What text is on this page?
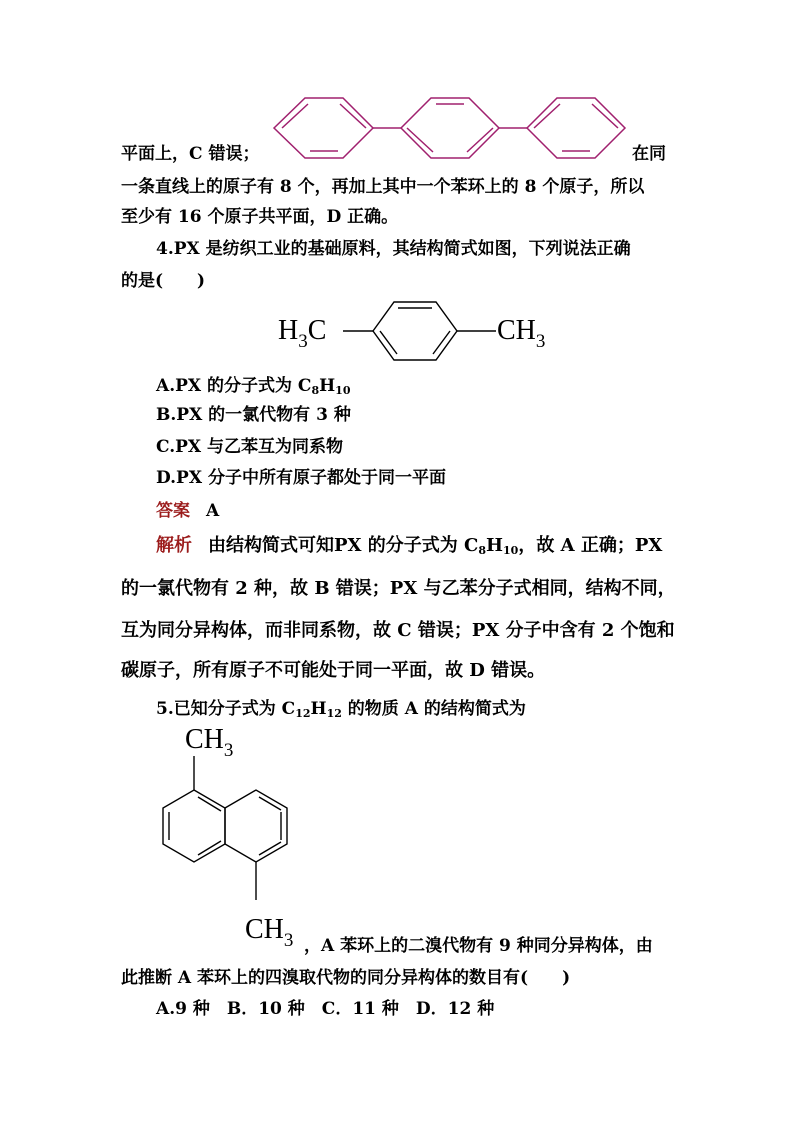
平面上，C 错误；	在同
一条直线上的原子有 8 个，再加上其中一个苯环上的 8 个原子，所以
至少有 16 个原子共平面，D 正确。
4.PX 是纺织工业的基础原料，其结构简式如图，下列说法正确
的是(　　)
$H_3C$	$CH_3$
A.PX 的分子式为 $C_8H_{10}$
B.PX 的一氯代物有 3 种
C.PX 与乙苯互为同系物
D.PX 分子中所有原子都处于同一平面
答案 A
解析 由结构简式可知PX 的分子式为 $C_8H_{10}$，故 A 正确；PX
的一氯代物有 2 种，故 B 错误；PX 与乙苯分子式相同，结构不同，
互为同分异构体，而非同系物，故 C 错误；PX 分子中含有 2 个饱和
碳原子，所有原子不可能处于同一平面，故 D 错误。
5.已知分子式为 $C_{12}H_{12}$ 的物质 A 的结构简式为
$CH_3$
$CH_3$ ，A 苯环上的二溴代物有 9 种同分异构体，由
此推断 A 苯环上的四溴取代物的同分异构体的数目有(　　)
A.9 种　B．10 种　C．11 种　D．12 种
